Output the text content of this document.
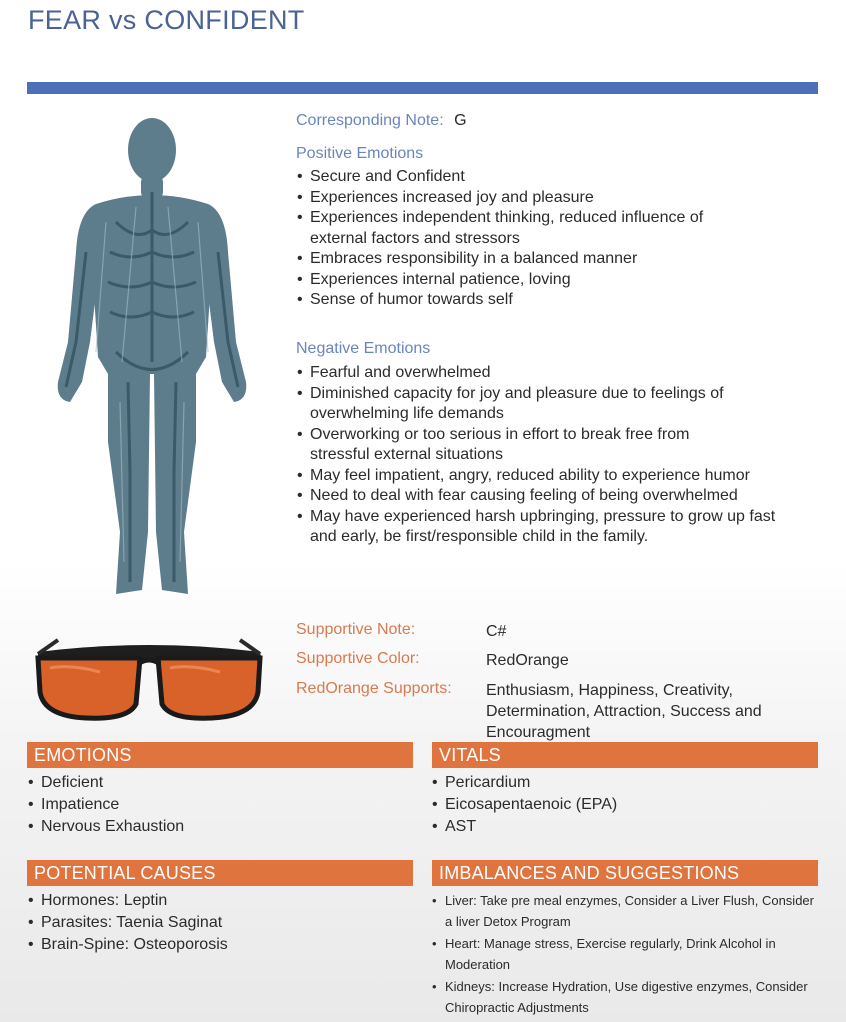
FEAR vs CONFIDENT
Corresponding Note: G
Positive Emotions
• Secure and Confident
• Experiences increased joy and pleasure
• Experiences independent thinking, reduced influence of external factors and stressors
• Embraces responsibility in a balanced manner
• Experiences internal patience, loving
• Sense of humor towards self
Negative Emotions
• Fearful and overwhelmed
• Diminished capacity for joy and pleasure due to feelings of overwhelming life demands
• Overworking or too serious in effort to break free from stressful external situations
• May feel impatient, angry, reduced ability to experience humor
• Need to deal with fear causing feeling of being overwhelmed
• May have experienced harsh upbringing, pressure to grow up fast and early, be first/responsible child in the family.
Supportive Note:	C#
Supportive Color:	RedOrange
RedOrange Supports: Enthusiasm, Happiness, Creativity, Determination, Attraction, Success and Encouragment
EMOTIONS
• Deficient
• Impatience
• Nervous Exhaustion
VITALS
• Pericardium
• Eicosapentaenoic (EPA)
• AST
POTENTIAL CAUSES
• Hormones: Leptin
• Parasites: Taenia Saginat
• Brain-Spine: Osteoporosis
IMBALANCES AND SUGGESTIONS
• Liver: Take pre meal enzymes, Consider a Liver Flush, Consider a liver Detox Program
• Heart: Manage stress, Exercise regularly, Drink Alcohol in Moderation
• Kidneys: Increase Hydration, Use digestive enzymes, Consider Chiropractic Adjustments
